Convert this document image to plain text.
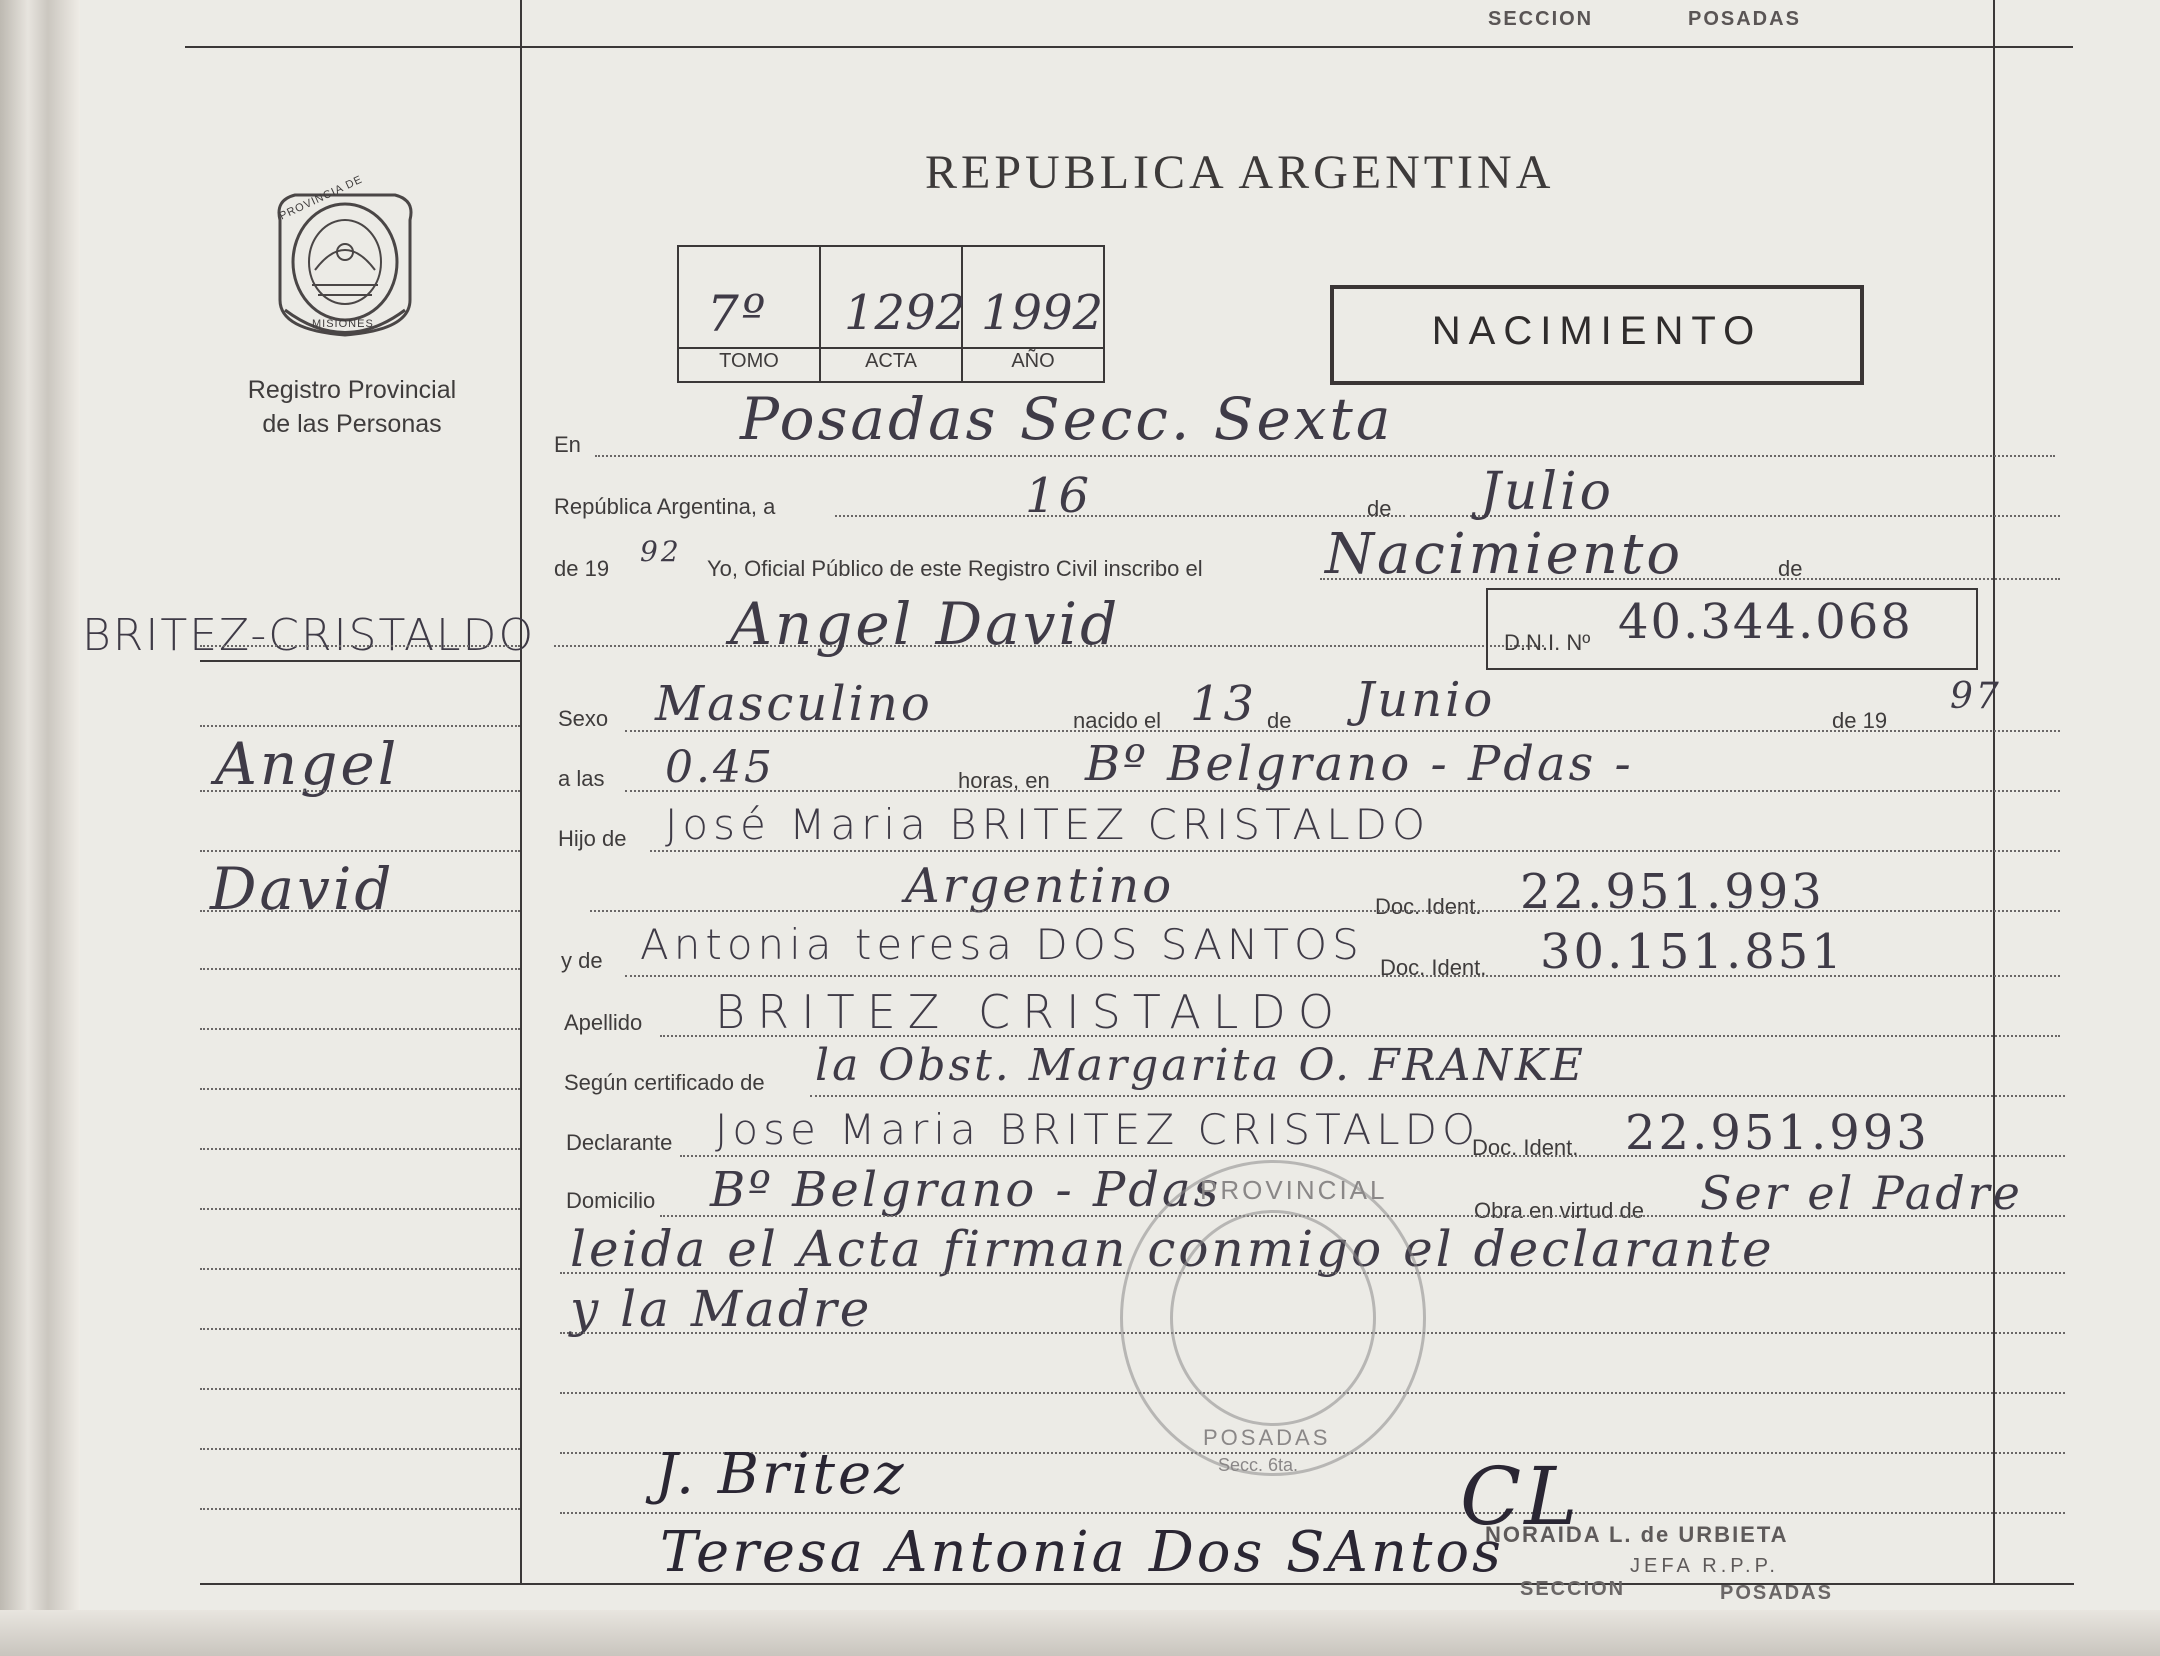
SECCION	POSADAS
PROVINCIA DE
MISIONES
Registro Provincial
de las Personas
REPUBLICA ARGENTINA
7º 1292 1992
TOMO	ACTA	AÑO
NACIMIENTO
BRITEZ-CRISTALDO
Angel
David
En	Posadas Secc. Sexta
República Argentina, a	16	de Julio
de 19
92
Yo, Oficial Público de este Registro Civil inscribo el Nacimiento	de
Angel David	D.N.I. Nº 40.344.068
Sexo Masculino	nacido el 13 de Junio	de 19
97
a las 0.45	horas, en Bº Belgrano - Pdas -
Hijo de José Maria BRITEZ CRISTALDO
Argentino	Doc. Ident. 22.951.993
y de Antonia teresa DOS SANTOS Doc. Ident. 30.151.851
Apellido BRITEZ CRISTALDO
Según certificado de la Obst. Margarita O. FRANKE
Declarante Jose Maria BRITEZ CRISTALDO
Doc. Ident. 22.951.993
Domicilio Bº Belgrano - Pdas	Obra en virtud de Ser el Padre
leida el Acta firman conmigo el declarante
y la Madre
PROVINCIAL
POSADAS
Secc. 6ta.
J. Britez
Teresa Antonia Dos SAntos
CL
NORAIDA L. de URBIETA
JEFA R.P.P.
SECCION	POSADAS
